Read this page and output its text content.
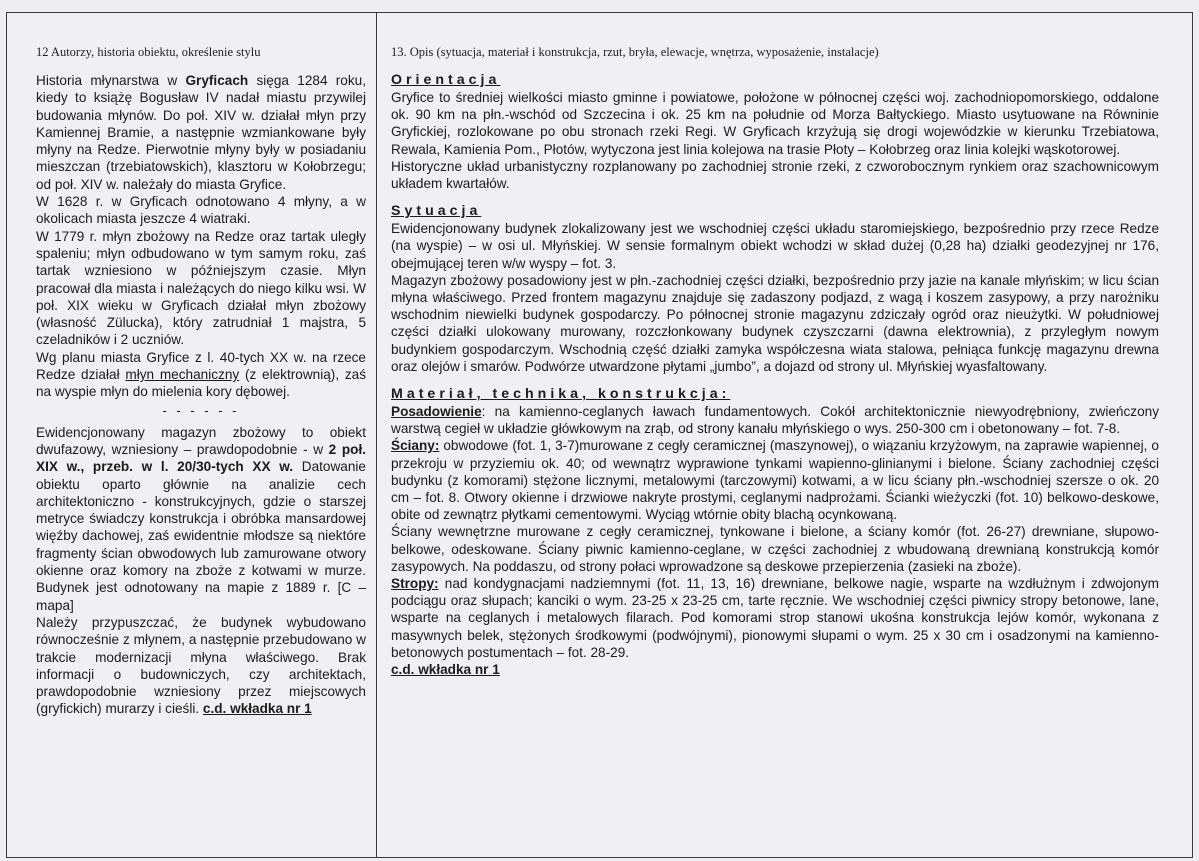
12 Autorzy, historia obiektu, określenie stylu

Historia młynarstwa w Gryficach sięga 1284 roku, kiedy to książę Bogusław IV nadał miastu przywilej budowania młynów. Do poł. XIV w. działał młyn przy Kamiennej Bramie, a następnie wzmiankowane były młyny na Redze. Pierwotnie młyny były w posiadaniu mieszczan (trzebiatowskich), klasztoru w Kołobrzegu; od poł. XIV w. należały do miasta Gryfice.

W 1628 r. w Gryficach odnotowano 4 młyny, a w okolicach miasta jeszcze 4 wiatraki.

W 1779 r. młyn zbożowy na Redze oraz tartak uległy spaleniu; młyn odbudowano w tym samym roku, zaś tartak wzniesiono w późniejszym czasie. Młyn pracował dla miasta i należących do niego kilku wsi. W poł. XIX wieku w Gryficach działał młyn zbożowy (własność Zülucka), który zatrudniał 1 majstra, 5 czeladników i 2 uczniów.

Wg planu miasta Gryfice z l. 40-tych XX w. na rzece Redze działał młyn mechaniczny (z elektrownią), zaś na wyspie młyn do mielenia kory dębowej.

- - - - - -

Ewidencjonowany magazyn zbożowy to obiekt dwufazowy, wzniesiony – prawdopodobnie - w 2 poł. XIX w., przeb. w l. 20/30-tych XX w. Datowanie obiektu oparto głównie na analizie cech architektoniczno - konstrukcyjnych, gdzie o starszej metryce świadczy konstrukcja i obróbka mansardowej więźby dachowej, zaś ewidentnie młodsze są niektóre fragmenty ścian obwodowych lub zamurowane otwory okienne oraz komory na zboże z kotwami w murze. Budynek jest odnotowany na mapie z 1889 r. [C – mapa]

Należy przypuszczać, że budynek wybudowano równocześnie z młynem, a następnie przebudowano w trakcie modernizacji młyna właściwego. Brak informacji o budowniczych, czy architektach, prawdopodobnie wzniesiony przez miejscowych (gryfickich) murarzy i cieśli. c.d. wkładka nr 1

13. Opis (sytuacja, materiał i konstrukcja, rzut, bryła, elewacje, wnętrza, wyposażenie, instalacje)
Orientacja

Gryfice to średniej wielkości miasto gminne i powiatowe, położone w północnej części woj. zachodniopomorskiego, oddalone ok. 90 km na płn.-wschód od Szczecina i ok. 25 km na południe od Morza Bałtyckiego. Miasto usytuowane na Równinie Gryfickiej, rozlokowane po obu stronach rzeki Regi. W Gryficach krzyżują się drogi wojewódzkie w kierunku Trzebiatowa, Rewala, Kamienia Pom., Płotów, wytyczona jest linia kolejowa na trasie Płoty – Kołobrzeg oraz linia kolejki wąskotorowej.

Historyczne układ urbanistyczny rozplanowany po zachodniej stronie rzeki, z czworobocznym rynkiem oraz szachownicowym układem kwartałów.

Sytuacja

Ewidencjonowany budynek zlokalizowany jest we wschodniej części układu staromiejskiego, bezpośrednio przy rzece Redze (na wyspie) – w osi ul. Młyńskiej. W sensie formalnym obiekt wchodzi w skład dużej (0,28 ha) działki geodezyjnej nr 176, obejmującej teren w/w wyspy – fot. 3.

Magazyn zbożowy posadowiony jest w płn.-zachodniej części działki, bezpośrednio przy jazie na kanale młyńskim; w licu ścian młyna właściwego. Przed frontem magazynu znajduje się zadaszony podjazd, z wagą i koszem zasypowy, a przy narożniku wschodnim niewielki budynek gospodarczy. Po północnej stronie magazynu zdziczały ogród oraz nieużytki. W południowej części działki ulokowany murowany, rozczłonkowany budynek czyszczarni (dawna elektrownia), z przyległym nowym budynkiem gospodarczym. Wschodnią część działki zamyka współczesna wiata stalowa, pełniąca funkcję magazynu drewna oraz olejów i smarów. Podwórze utwardzone płytami „jumbo”, a dojazd od strony ul. Młyńskiej wyasfaltowany.

Materiał, technika, konstrukcja:

Posadowienie: na kamienno-ceglanych ławach fundamentowych. Cokół architektonicznie niewyodrębniony, zwieńczony warstwą cegieł w układzie główkowym na zrąb, od strony kanału młyńskiego o wys. 250-300 cm i obetonowany – fot. 7-8.

Ściany: obwodowe (fot. 1, 3-7)murowane z cegły ceramicznej (maszynowej), o wiązaniu krzyżowym, na zaprawie wapiennej, o przekroju w przyziemiu ok. 40; od wewnątrz wyprawione tynkami wapienno-glinianymi i bielone. Ściany zachodniej części budynku (z komorami) stężone licznymi, metalowymi (tarczowymi) kotwami, a w licu ściany płn.-wschodniej szersze o ok. 20 cm – fot. 8. Otwory okienne i drzwiowe nakryte prostymi, ceglanymi nadprożami. Ścianki wieżyczki (fot. 10) belkowo-deskowe, obite od zewnątrz płytkami cementowymi. Wyciąg wtórnie obity blachą ocynkowaną.

Ściany wewnętrzne murowane z cegły ceramicznej, tynkowane i bielone, a ściany komór (fot. 26-27) drewniane, słupowo-belkowe, odeskowane. Ściany piwnic kamienno-ceglane, w części zachodniej z wbudowaną drewnianą konstrukcją komór zasypowych. Na poddaszu, od strony połaci wprowadzone są deskowe przepierzenia (zasieki na zboże).

Stropy: nad kondygnacjami nadziemnymi (fot. 11, 13, 16) drewniane, belkowe nagie, wsparte na wzdłużnym i zdwojonym podciągu oraz słupach; kanciki o wym. 23-25 x 23-25 cm, tarte ręcznie. We wschodniej części piwnicy stropy betonowe, lane, wsparte na ceglanych i metalowych filarach. Pod komorami strop stanowi ukośna konstrukcja lejów komór, wykonana z masywnych belek, stężonych środkowymi (podwójnymi), pionowymi słupami o wym. 25 x 30 cm i osadzonymi na kamienno-betonowych postumentach – fot. 28-29.

c.d. wkładka nr 1
